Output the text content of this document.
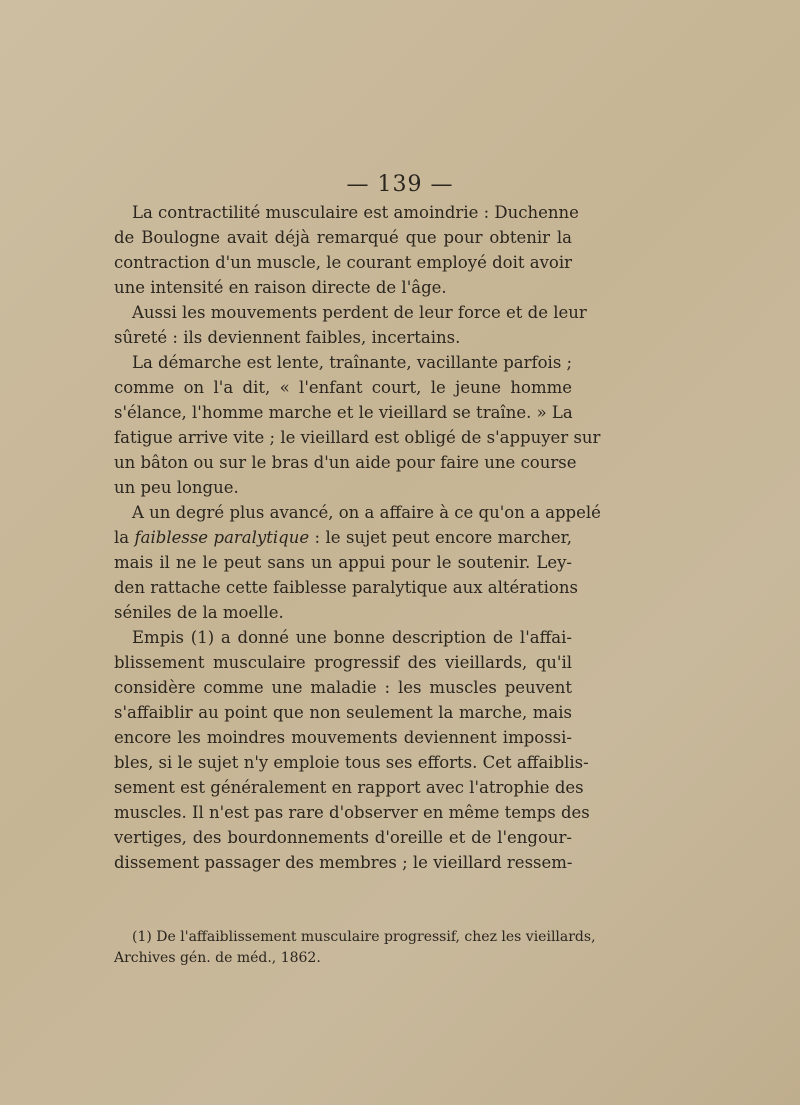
— 139 —
La contractilité musculaire est amoindrie : Duchenne
de Boulogne avait déjà remarqué que pour obtenir la
contraction d'un muscle, le courant employé doit avoir
une intensité en raison directe de l'âge.
Aussi les mouvements perdent de leur force et de leur
sûreté : ils deviennent faibles, incertains.
La démarche est lente, traînante, vacillante parfois ;
comme on l'a dit, « l'enfant court, le jeune homme
s'élance, l'homme marche et le vieillard se traîne. » La
fatigue arrive vite ; le vieillard est obligé de s'appuyer sur
un bâton ou sur le bras d'un aide pour faire une course
un peu longue.
A un degré plus avancé, on a affaire à ce qu'on a appelé
la faiblesse paralytique : le sujet peut encore marcher,
mais il ne le peut sans un appui pour le soutenir. Ley-
den rattache cette faiblesse paralytique aux altérations
séniles de la moelle.
Empis (1) a donné une bonne description de l'affai-
blissement musculaire progressif des vieillards, qu'il
considère comme une maladie : les muscles peuvent
s'affaiblir au point que non seulement la marche, mais
encore les moindres mouvements deviennent impossi-
bles, si le sujet n'y emploie tous ses efforts. Cet affaiblis-
sement est généralement en rapport avec l'atrophie des
muscles. Il n'est pas rare d'observer en même temps des
vertiges, des bourdonnements d'oreille et de l'engour-
dissement passager des membres ; le vieillard ressem-
(1) De l'affaiblissement musculaire progressif, chez les vieillards,
Archives gén. de méd., 1862.
